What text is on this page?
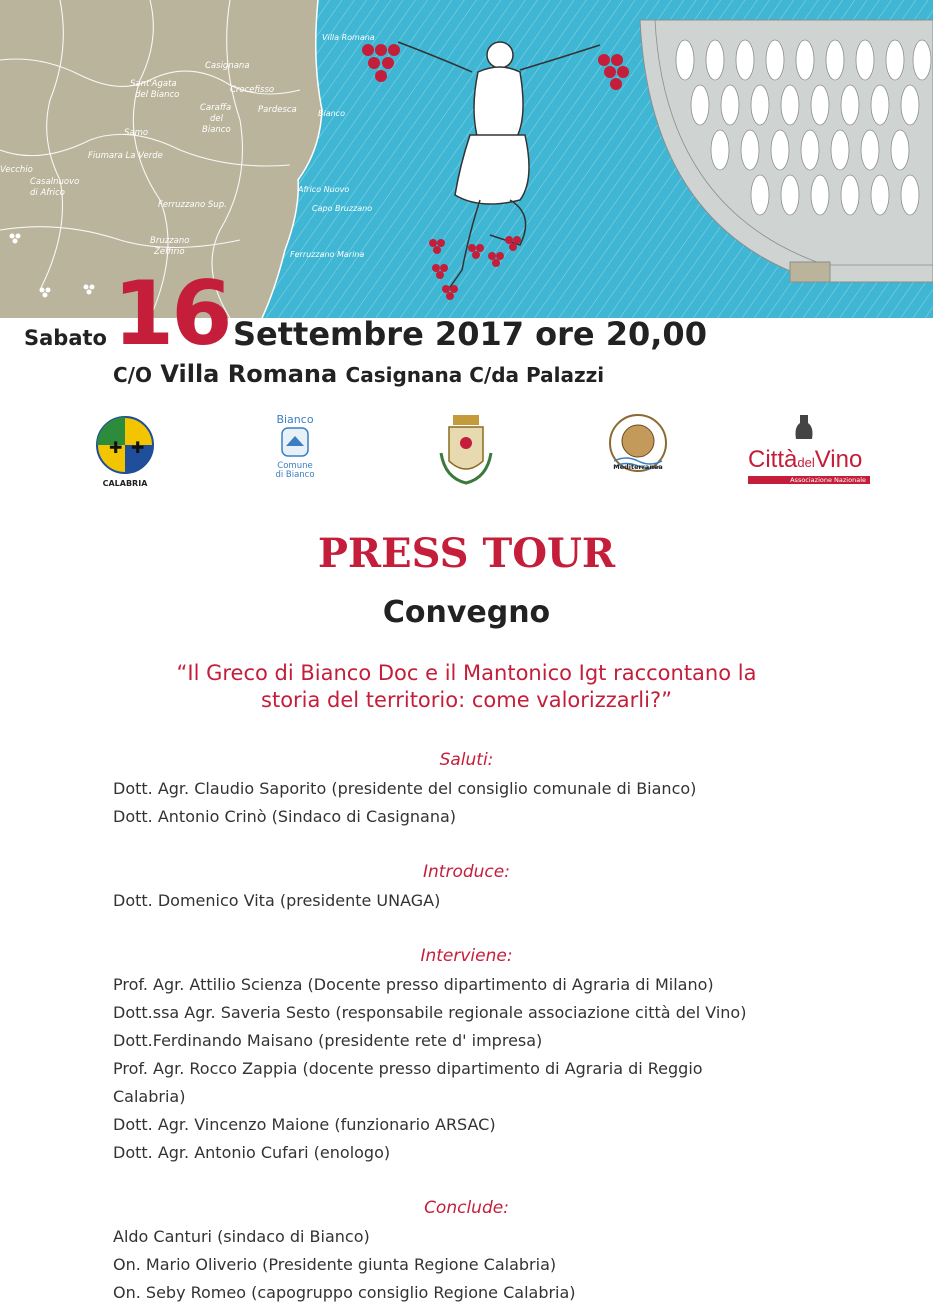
Villa Romana
Casignana
Crocefisso
Sant'Agata
del Bianco
Caraffa
del
Bianco
Pardesca
Samo
Fiumara La Verde
Vecchio
Bianco
Casalnuovo
di Africo
Ferruzzano Sup.
Africo Nuovo
Capo Bruzzano
Bruzzano
Zeffirio	Ferruzzano Marina
Sabato 16 Settembre 2017 ore 20,00
C/O Villa Romana Casignana C/da Palazzi
✚ ✚
CALABRIA
Bianco
Comune
di Bianco
Mediterranea	CittàdelVino
Associazione Nazionale
PRESS TOUR
Convegno
“Il Greco di Bianco Doc e il Mantonico Igt raccontano la
storia del territorio: come valorizzarli?”
Saluti:
Dott. Agr. Claudio Saporito (presidente del consiglio comunale di Bianco)
Dott. Antonio Crinò (Sindaco di Casignana)
Introduce:
Dott. Domenico Vita (presidente UNAGA)
Interviene:
Prof. Agr. Attilio Scienza (Docente presso dipartimento di Agraria di Milano)
Dott.ssa Agr. Saveria Sesto (responsabile regionale associazione città del Vino)
Dott.Ferdinando Maisano (presidente rete d' impresa)
Prof. Agr. Rocco Zappia (docente presso dipartimento di Agraria di Reggio
Calabria)
Dott. Agr. Vincenzo Maione (funzionario ARSAC)
Dott. Agr. Antonio Cufari (enologo)
Conclude:
Aldo Canturi (sindaco di Bianco)
On. Mario Oliverio (Presidente giunta Regione Calabria)
On. Seby Romeo (capogruppo consiglio Regione Calabria)
